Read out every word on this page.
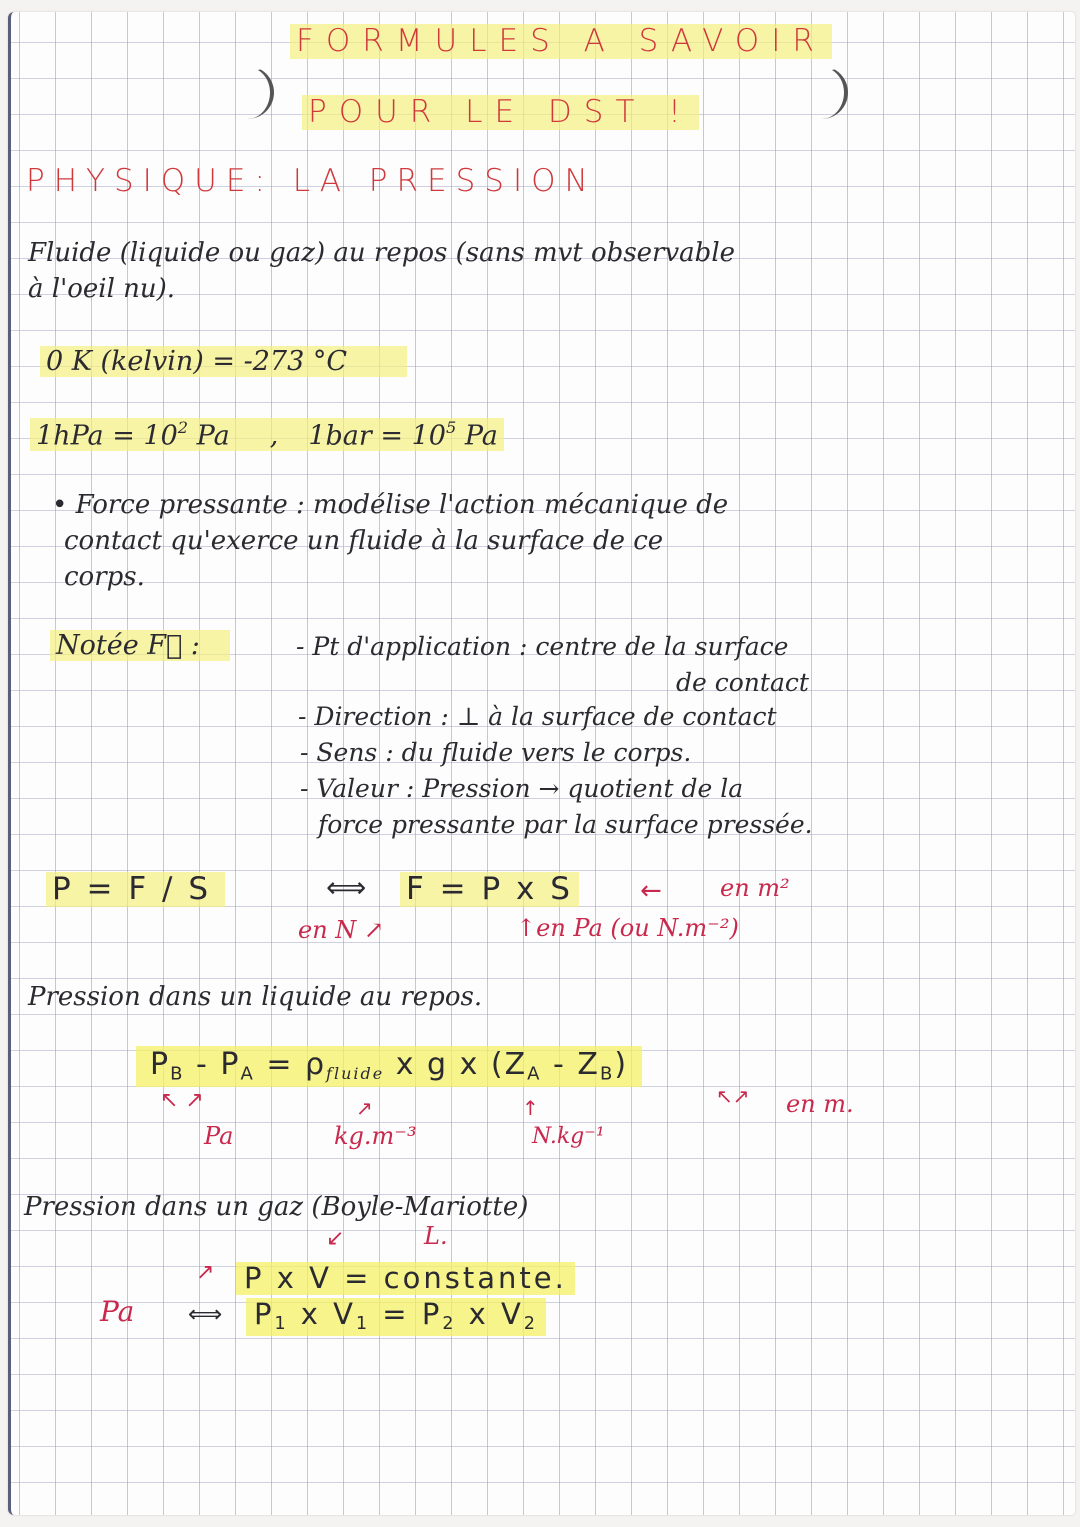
FORMULES A SAVOIR
POUR LE DST !
PHYSIQUE: LA PRESSION
Fluide (liquide ou gaz) au repos (sans mvt observable
à l'oeil nu).
0 K (kelvin) = -273 °C
$1hPa = 10^2$ Pa , $1bar = 10^5$ Pa
• Force pressante : modélise l'action mécanique de
contact qu'exerce un fluide à la surface de ce
corps.
Notée F⃗ :	- Pt d'application : centre de la surface
de contact
- Direction : ⊥ à la surface de contact
- Sens : du fluide vers le corps.
- Valeur : Pression → quotient de la
force pressante par la surface pressée.
P = F / S	⟺ F = P x S	← en m²
en N ↗	↑en Pa (ou N.m⁻²)
Pression dans un liquide au repos.
$P_B - P_A = \rho_{fluide}$ x g x $(Z_A - Z_B)$
↖ ↗
Pa
↗
kg.m⁻³
↑
N.kg⁻¹
↖↗ en m.
Pression dans un gaz (Boyle-Mariotte)
↙	L.
↗ P x V = constante.
Pa ⟺ $P_1$ x $V_1 = P_2$ x $V_2$
